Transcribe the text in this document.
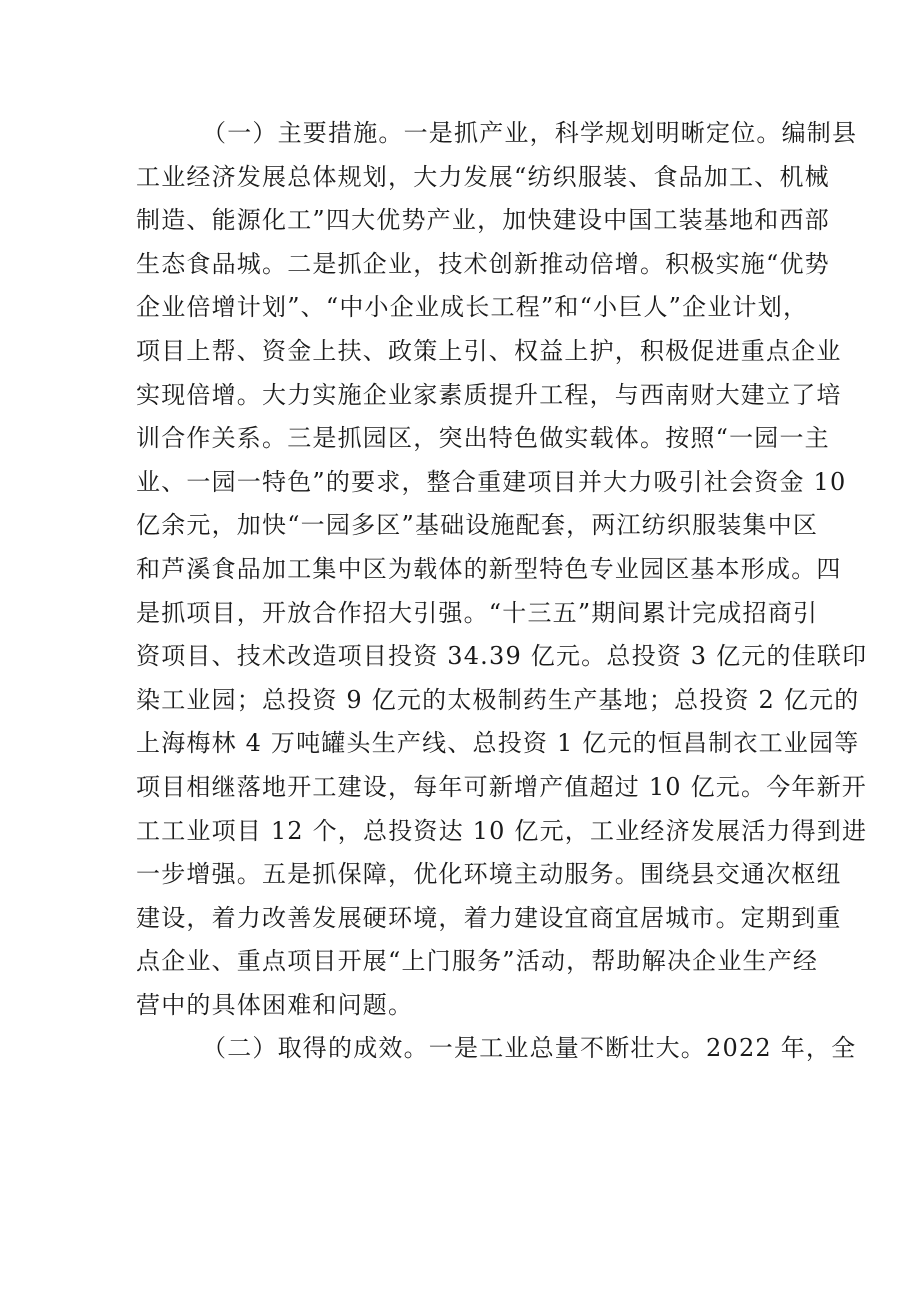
（一）主要措施。一是抓产业，科学规划明晰定位。编制县
工业经济发展总体规划，大力发展“纺织服装、食品加工、机械
制造、能源化工”四大优势产业，加快建设中国工装基地和西部
生态食品城。二是抓企业，技术创新推动倍增。积极实施“优势
企业倍增计划”、“中小企业成长工程”和“小巨人”企业计划，
项目上帮、资金上扶、政策上引、权益上护，积极促进重点企业
实现倍增。大力实施企业家素质提升工程，与西南财大建立了培
训合作关系。三是抓园区，突出特色做实载体。按照“一园一主
业、一园一特色”的要求，整合重建项目并大力吸引社会资金 10
亿余元，加快“一园多区”基础设施配套，两江纺织服装集中区
和芦溪食品加工集中区为载体的新型特色专业园区基本形成。四
是抓项目，开放合作招大引强。“十三五”期间累计完成招商引
资项目、技术改造项目投资 34.39 亿元。总投资 3 亿元的佳联印
染工业园；总投资 9 亿元的太极制药生产基地；总投资 2 亿元的
上海梅林 4 万吨罐头生产线、总投资 1 亿元的恒昌制衣工业园等
项目相继落地开工建设，每年可新增产值超过 10 亿元。今年新开
工工业项目 12 个，总投资达 10 亿元，工业经济发展活力得到进
一步增强。五是抓保障，优化环境主动服务。围绕县交通次枢纽
建设，着力改善发展硬环境，着力建设宜商宜居城市。定期到重
点企业、重点项目开展“上门服务”活动，帮助解决企业生产经
营中的具体困难和问题。
（二）取得的成效。一是工业总量不断壮大。2022 年，全
